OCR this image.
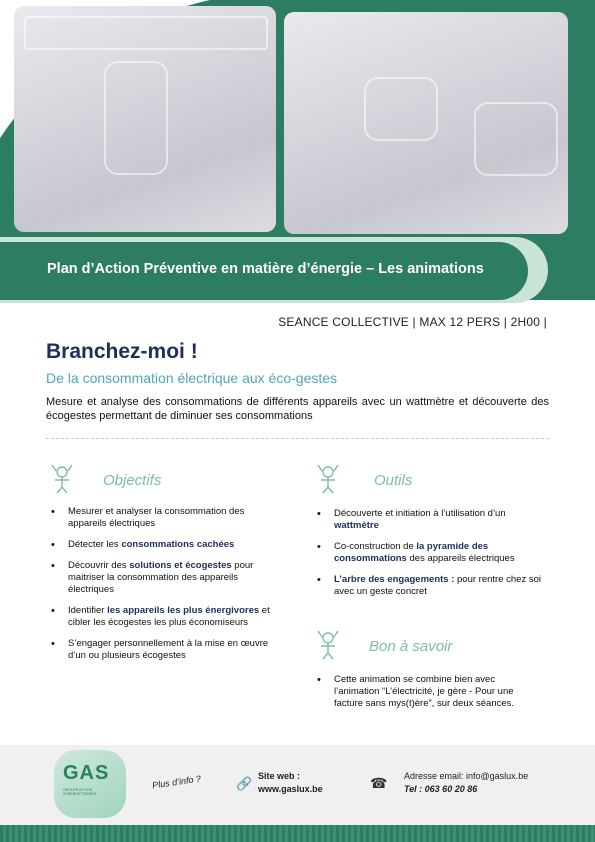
Plan d’Action Préventive en matière d’énergie – Les animations
SEANCE COLLECTIVE | MAX 12 PERS | 2H00 |
Branchez-moi !
De la consommation électrique aux éco-gestes
Mesure et analyse des consommations de différents appareils avec un wattmètre et découverte des écogestes permettant de diminuer ses consommations
Objectifs
• Mesurer et analyser la consommation des appareils électriques
• Détecter les consommations cachées
• Découvrir des solutions et écogestes pour maitriser la consommation des appareils électriques
• Identifier les appareils les plus énergivores et cibler les écogestes les plus économiseurs
• S’engager personnellement à la mise en œuvre d’un ou plusieurs écogestes
Outils
• Découverte et initiation à l’utilisation d’un wattmètre
• Co-construction de la pyramide des consommations des appareils électriques
• L’arbre des engagements : pour rentre chez soi avec un geste concret
Bon à savoir
• Cette animation se combine bien avec l’animation “L’électricité, je gère - Pour une facture sans mys(t)ère”, sur deux séances.
GAS
GROUPE ACTION SURENDETTEMENT
Plus d’info ?	🔗 Site web :
www.gaslux.be	☎ Adresse email: info@gaslux.be
Tel : 063 60 20 86
